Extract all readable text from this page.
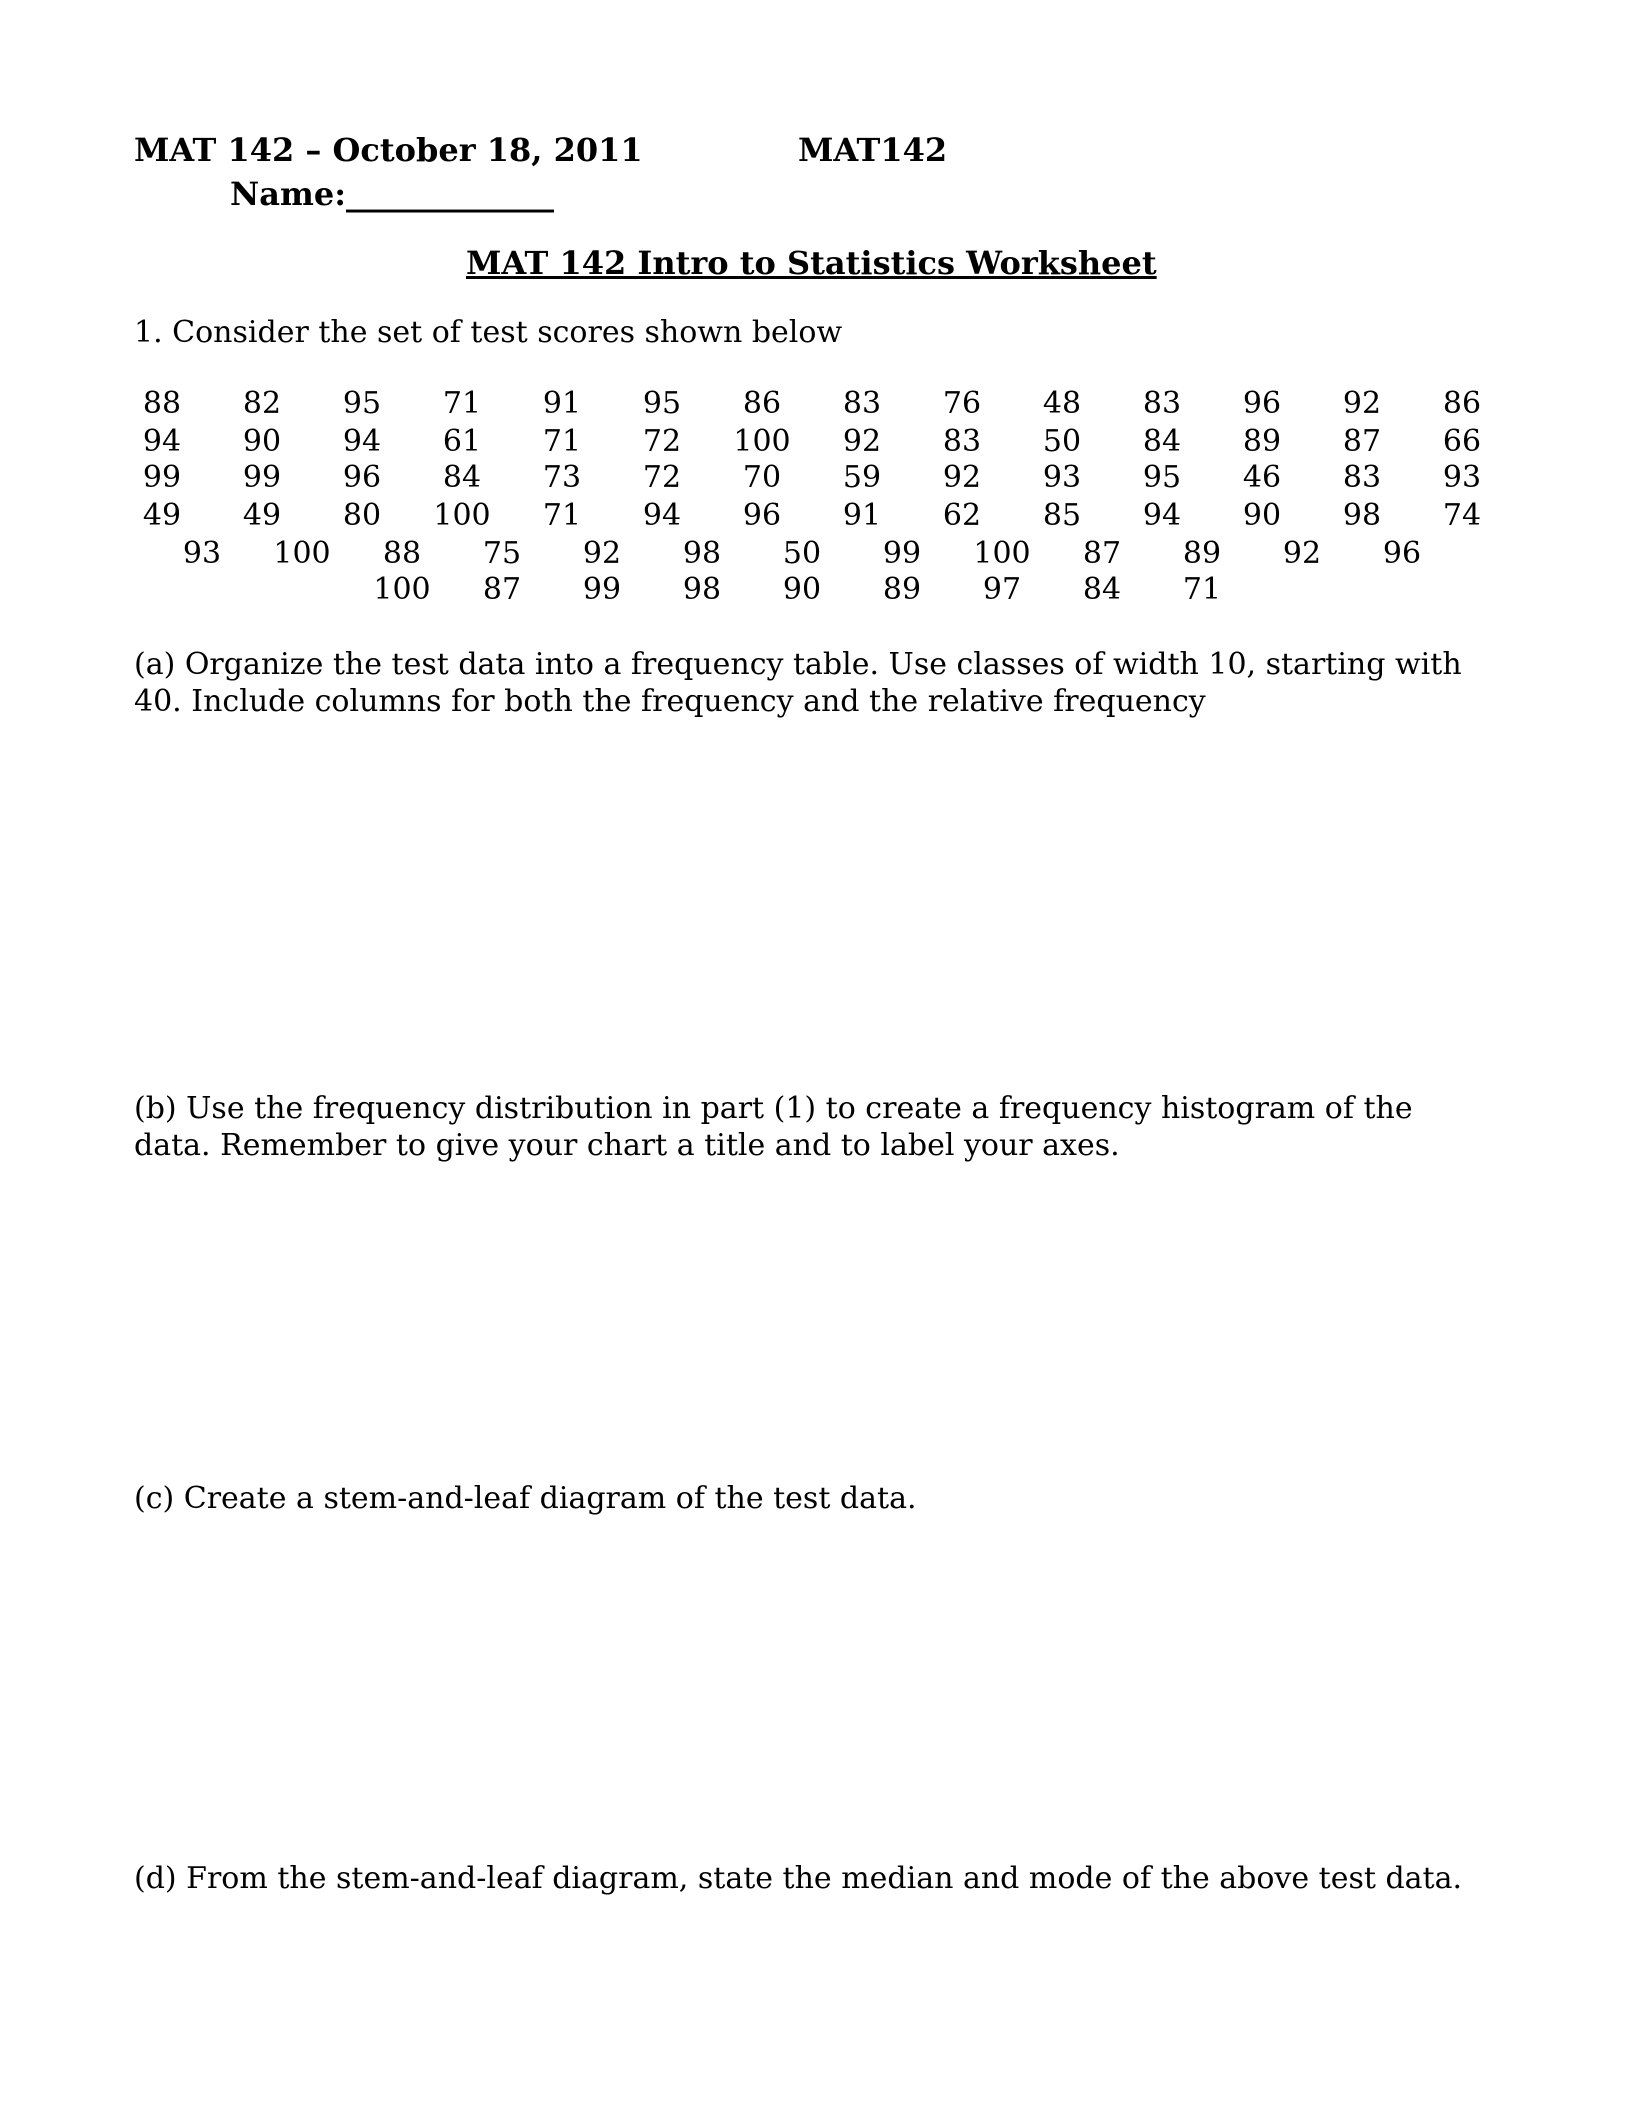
MAT 142 – October 18, 2011	MAT142
Name:_____________
MAT 142 Intro to Statistics Worksheet
1. Consider the set of test scores shown below
88	82	95	71	91	95	86	83	76	48	83	96	92	86
94	90	94	61	71	72	100	92	83	50	84	89	87	66
99	99	96	84	73	72	70	59	92	93	95	46	83	93
49	49	80	100	71	94	96	91	62	85	94	90	98	74
93	100	88	75	92	98	50	99	100	87	89	92	96
100	87	99	98	90	89	97	84	71
(a) Organize the test data into a frequency table. Use classes of width 10, starting with 40. Include columns for both the frequency and the relative frequency
(b) Use the frequency distribution in part (1) to create a frequency histogram of the data. Remember to give your chart a title and to label your axes.
(c) Create a stem-and-leaf diagram of the test data.
(d) From the stem-and-leaf diagram, state the median and mode of the above test data.
